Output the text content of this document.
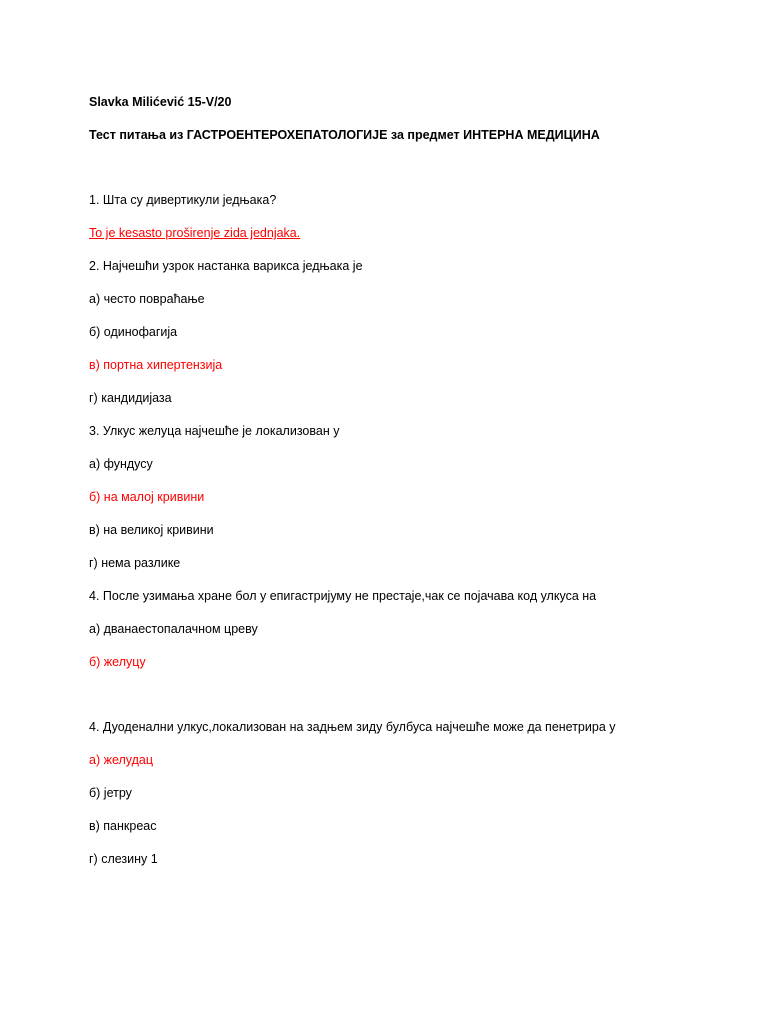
Slavka Milićević 15-V/20
Тест питања из ГАСТРОЕНТЕРОХЕПАТОЛОГИЈЕ за предмет ИНТЕРНА МЕДИЦИНА
1. Шта су дивертикули једњака?
To je kesasto proširenje zida jednjaka.
2. Најчешћи узрок настанка варикса једњака је
а) често повраћање
б) одинофагија
в) портна хипертензија
г) кандидијаза
3. Улкус желуца најчешће је локализован у
а) фундусу
б) на малој кривини
в) на великој кривини
г) нема разлике
4. После узимања хране бол у епигастријуму не престаје,чак се појачава код улкуса на
а) дванаестопалачном цреву
б) желуцу
4. Дуоденални улкус,локализован на задњем зиду булбуса најчешће може да пенетрира у
а) желудац
б) јетру
в) панкреас
г) слезину 1
